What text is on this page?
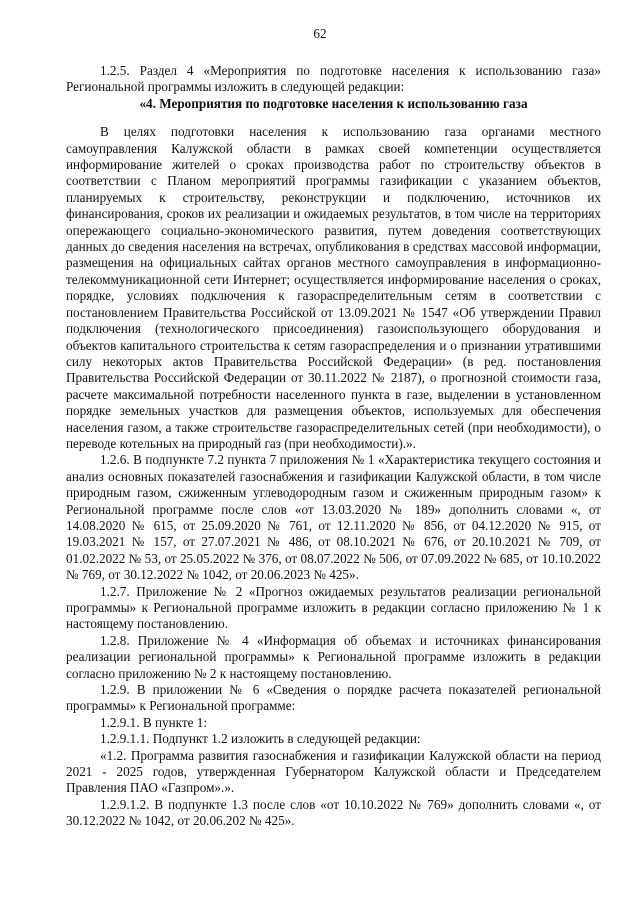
62

1.2.5. Раздел 4 «Мероприятия по подготовке населения к использованию газа» Региональной программы изложить в следующей редакции:

«4. Мероприятия по подготовке населения к использованию газа

В целях подготовки населения к использованию газа органами местного самоуправления Калужской области в рамках своей компетенции осуществляется информирование жителей о сроках производства работ по строительству объектов в соответствии с Планом мероприятий программы газификации с указанием объектов, планируемых к строительству, реконструкции и подключению, источников их финансирования, сроков их реализации и ожидаемых результатов, в том числе на территориях опережающего социально-экономического развития, путем доведения соответствующих данных до сведения населения на встречах, опубликования в средствах массовой информации, размещения на официальных сайтах органов местного самоуправления в информационно-телекоммуникационной сети Интернет; осуществляется информирование населения о сроках, порядке, условиях подключения к газораспределительным сетям в соответствии с постановлением Правительства Российской от 13.09.2021 № 1547 «Об утверждении Правил подключения (технологического присоединения) газоиспользующего оборудования и объектов капитального строительства к сетям газораспределения и о признании утратившими силу некоторых актов Правительства Российской Федерации» (в ред. постановления Правительства Российской Федерации от 30.11.2022 № 2187), о прогнозной стоимости газа, расчете максимальной потребности населенного пункта в газе, выделении в установленном порядке земельных участков для размещения объектов, используемых для обеспечения населения газом, а также строительстве газораспределительных сетей (при необходимости), о переводе котельных на природный газ (при необходимости).».

1.2.6. В подпункте 7.2 пункта 7 приложения № 1 «Характеристика текущего состояния и анализ основных показателей газоснабжения и газификации Калужской области, в том числе природным газом, сжиженным углеводородным газом и сжиженным природным газом» к Региональной программе после слов «от 13.03.2020 № 189» дополнить словами «, от 14.08.2020 № 615, от 25.09.2020 № 761, от 12.11.2020 № 856, от 04.12.2020 № 915, от 19.03.2021 № 157, от 27.07.2021 № 486, от 08.10.2021 № 676, от 20.10.2021 № 709, от 01.02.2022 № 53, от 25.05.2022 № 376, от 08.07.2022 № 506, от 07.09.2022 № 685, от 10.10.2022 № 769, от 30.12.2022 № 1042, от 20.06.2023 № 425».

1.2.7. Приложение № 2 «Прогноз ожидаемых результатов реализации региональной программы» к Региональной программе изложить в редакции согласно приложению № 1 к настоящему постановлению.

1.2.8. Приложение № 4 «Информация об объемах и источниках финансирования реализации региональной программы» к Региональной программе изложить в редакции согласно приложению № 2 к настоящему постановлению.

1.2.9. В приложении № 6 «Сведения о порядке расчета показателей региональной программы» к Региональной программе:

1.2.9.1. В пункте 1:

1.2.9.1.1. Подпункт 1.2 изложить в следующей редакции:

«1.2. Программа развития газоснабжения и газификации Калужской области на период 2021 - 2025 годов, утвержденная Губернатором Калужской области и Председателем Правления ПАО «Газпром».».

1.2.9.1.2. В подпункте 1.3 после слов «от 10.10.2022 № 769» дополнить словами «, от 30.12.2022 № 1042, от 20.06.202 № 425».
